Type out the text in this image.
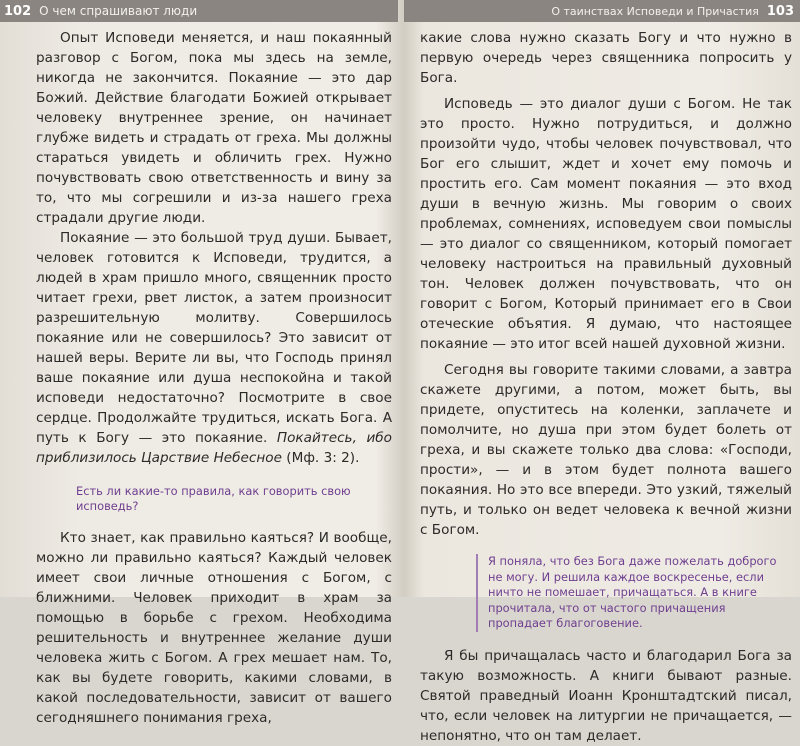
102 О чем спрашивают люди

Опыт Исповеди меняется, и наш покаянный разговор с Богом, пока мы здесь на земле, никогда не закончится. Покаяние — это дар Божий. Действие благодати Божией открывает человеку внутреннее зрение, он начинает глубже видеть и страдать от греха. Мы должны стараться увидеть и обличить грех. Нужно почувствовать свою ответственность и вину за то, что мы согрешили и из-за нашего греха страдали другие люди.

Покаяние — это большой труд души. Бывает, человек готовится к Исповеди, трудится, а людей в храм пришло много, священник просто читает грехи, рвет листок, а затем произносит разрешительную молитву. Совершилось покаяние или не совершилось? Это зависит от нашей веры. Верите ли вы, что Господь принял ваше покаяние или душа неспокойна и такой исповеди недостаточно? Посмотрите в свое сердце. Продолжайте трудиться, искать Бога. А путь к Богу — это покаяние. Покайтесь, ибо приблизилось Царствие Небесное (Мф. 3: 2).

Есть ли какие-то правила, как говорить свою исповедь?

Кто знает, как правильно каяться? И вообще, можно ли правильно каяться? Каждый человек имеет свои личные отношения с Богом, с ближними. Человек приходит в храм за помощью в борьбе с грехом. Необходима решительность и внутреннее желание души человека жить с Богом. А грех мешает нам. То, как вы будете говорить, какими словами, в какой последовательности, зависит от вашего сегодняшнего понимания греха,

О таинствах Исповеди и Причастия 103

какие слова нужно сказать Богу и что нужно в первую очередь через священника попросить у Бога.

Исповедь — это диалог души с Богом. Не так это просто. Нужно потрудиться, и должно произойти чудо, чтобы человек почувствовал, что Бог его слышит, ждет и хочет ему помочь и простить его. Сам момент покаяния — это вход души в вечную жизнь. Мы говорим о своих проблемах, сомнениях, исповедуем свои помыслы — это диалог со священником, который помогает человеку настроиться на правильный духовный тон. Человек должен почувствовать, что он говорит с Богом, Который принимает его в Свои отеческие объятия. Я думаю, что настоящее покаяние — это итог всей нашей духовной жизни.

Сегодня вы говорите такими словами, а завтра скажете другими, а потом, может быть, вы придете, опуститесь на коленки, заплачете и помолчите, но душа при этом будет болеть от греха, и вы скажете только два слова: «Господи, прости», — и в этом будет полнота вашего покаяния. Но это все впереди. Это узкий, тяжелый путь, и только он ведет человека к вечной жизни с Богом.

Я поняла, что без Бога даже пожелать доброго не могу. И решила каждое воскресенье, если ничто не помешает, причащаться. А в книге прочитала, что от частого причащения пропадает благоговение.

Я бы причащалась часто и благодарил Бога за такую возможность. А книги бывают разные. Святой праведный Иоанн Кронштадтский писал, что, если человек на литургии не причащается, — непонятно, что он там делает.
